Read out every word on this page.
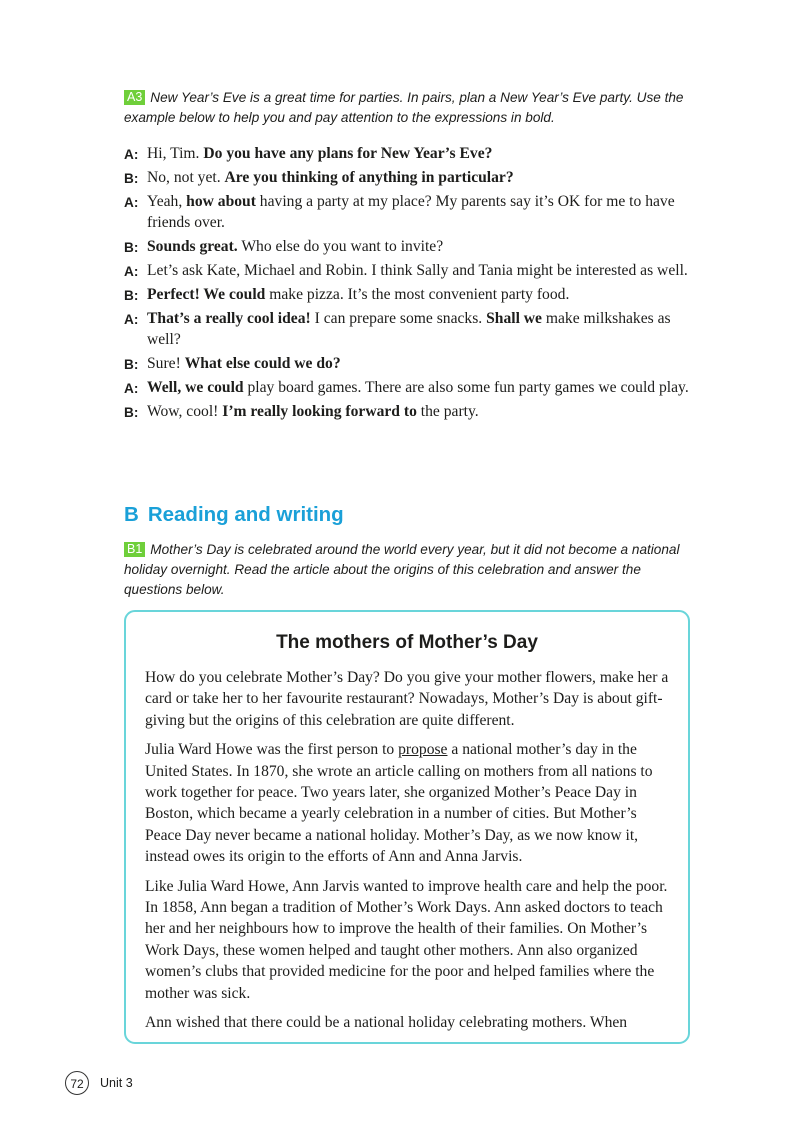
A3 New Year’s Eve is a great time for parties. In pairs, plan a New Year’s Eve party. Use the example below to help you and pay attention to the expressions in bold.
A: Hi, Tim. Do you have any plans for New Year’s Eve?
B: No, not yet. Are you thinking of anything in particular?
A: Yeah, how about having a party at my place? My parents say it’s OK for me to have friends over.
B: Sounds great. Who else do you want to invite?
A: Let’s ask Kate, Michael and Robin. I think Sally and Tania might be interested as well.
B: Perfect! We could make pizza. It’s the most convenient party food.
A: That’s a really cool idea! I can prepare some snacks. Shall we make milkshakes as well?
B: Sure! What else could we do?
A: Well, we could play board games. There are also some fun party games we could play.
B: Wow, cool! I’m really looking forward to the party.
B Reading and writing
B1 Mother’s Day is celebrated around the world every year, but it did not become a national holiday overnight. Read the article about the origins of this celebration and answer the questions below.
The mothers of Mother’s Day

How do you celebrate Mother’s Day? Do you give your mother flowers, make her a card or take her to her favourite restaurant? Nowadays, Mother’s Day is about gift-giving but the origins of this celebration are quite different.

Julia Ward Howe was the first person to propose a national mother’s day in the United States. In 1870, she wrote an article calling on mothers from all nations to work together for peace. Two years later, she organized Mother’s Peace Day in Boston, which became a yearly celebration in a number of cities. But Mother’s Peace Day never became a national holiday. Mother’s Day, as we now know it, instead owes its origin to the efforts of Ann and Anna Jarvis.

Like Julia Ward Howe, Ann Jarvis wanted to improve health care and help the poor. In 1858, Ann began a tradition of Mother’s Work Days. Ann asked doctors to teach her and her neighbours how to improve the health of their families. On Mother’s Work Days, these women helped and taught other mothers. Ann also organized women’s clubs that provided medicine for the poor and helped families where the mother was sick.

Ann wished that there could be a national holiday celebrating mothers. When

72	Unit 3
